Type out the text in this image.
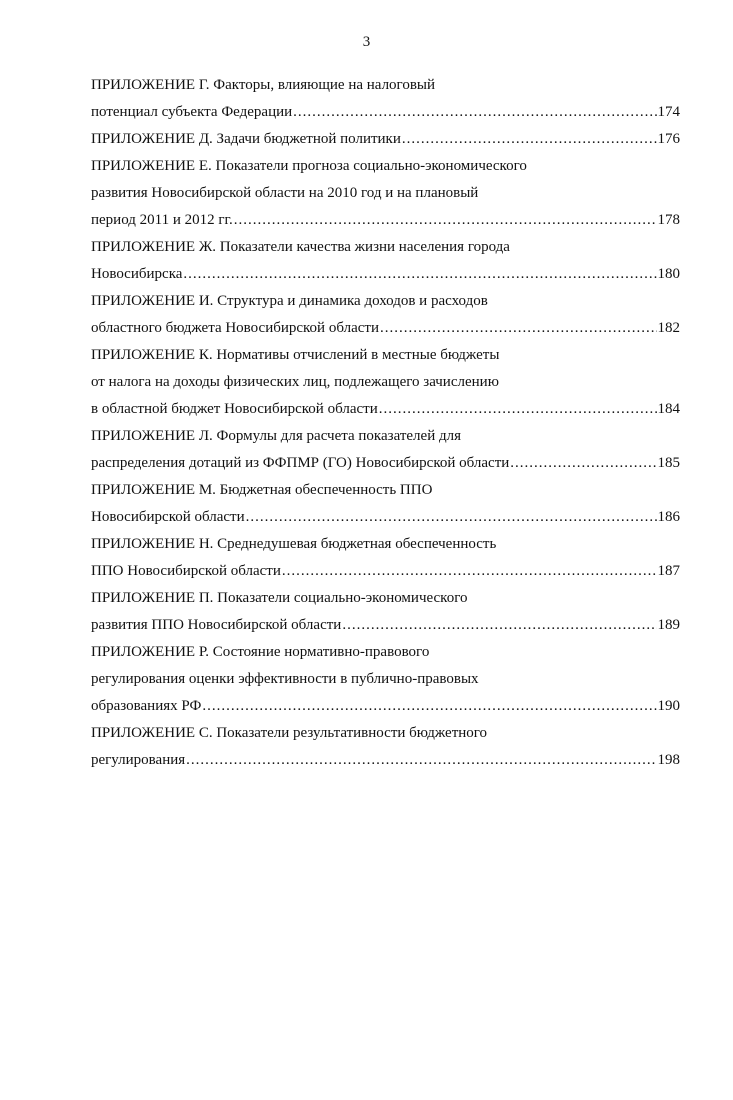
3
ПРИЛОЖЕНИЕ Г. Факторы, влияющие на налоговый
потенциал субъекта Федерации .....	174
ПРИЛОЖЕНИЕ Д. Задачи бюджетной политики .....	176
ПРИЛОЖЕНИЕ Е. Показатели прогноза социально-экономического
развития Новосибирской области на 2010 год и на плановый
период 2011 и 2012 гг. .....	178
ПРИЛОЖЕНИЕ Ж. Показатели качества жизни населения города
Новосибирска .....	180
ПРИЛОЖЕНИЕ И. Структура и динамика доходов и расходов
областного бюджета Новосибирской области .....	182
ПРИЛОЖЕНИЕ К. Нормативы отчислений в местные бюджеты
от налога на доходы физических лиц, подлежащего зачислению
в областной бюджет Новосибирской области .....	184
ПРИЛОЖЕНИЕ Л. Формулы для расчета показателей для
распределения дотаций из ФФПМР (ГО) Новосибирской области .....	185
ПРИЛОЖЕНИЕ М. Бюджетная обеспеченность ППО
Новосибирской области .....	186
ПРИЛОЖЕНИЕ Н. Среднедушевая бюджетная обеспеченность
ППО Новосибирской области .....	187
ПРИЛОЖЕНИЕ П. Показатели социально-экономического
развития ППО Новосибирской области .....	189
ПРИЛОЖЕНИЕ Р. Состояние нормативно-правового
регулирования оценки эффективности в публично-правовых
образованиях РФ .....	190
ПРИЛОЖЕНИЕ С. Показатели результативности бюджетного
регулирования .....	198
